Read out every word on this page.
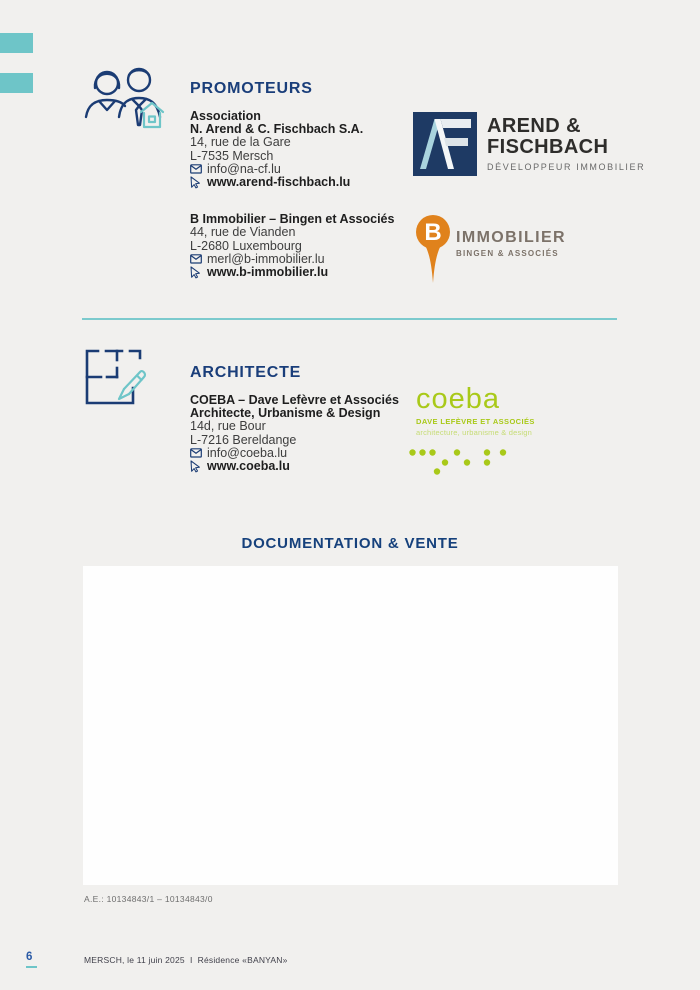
PROMOTEURS
Association
N. Arend & C. Fischbach S.A.
14, rue de la Gare
L-7535 Mersch
info@na-cf.lu
www.arend-fischbach.lu
B Immobilier – Bingen et Associés
44, rue de Vianden
L-2680 Luxembourg
merl@b-immobilier.lu
www.b-immobilier.lu
AREND &
FISCHBACH
DÉVELOPPEUR IMMOBILIER
B IMMOBILIER
BINGEN & ASSOCIÉS
ARCHITECTE
COEBA – Dave Lefèvre et Associés
Architecte, Urbanisme & Design
14d, rue Bour
L-7216 Bereldange
info@coeba.lu
www.coeba.lu
coeba
DAVE LEFÈVRE ET ASSOCIÉS
architecture, urbanisme & design
DOCUMENTATION & VENTE
A.E.: 10134843/1 – 10134843/0
6	MERSCH, le 11 juin 2025  I  Résidence «BANYAN»
